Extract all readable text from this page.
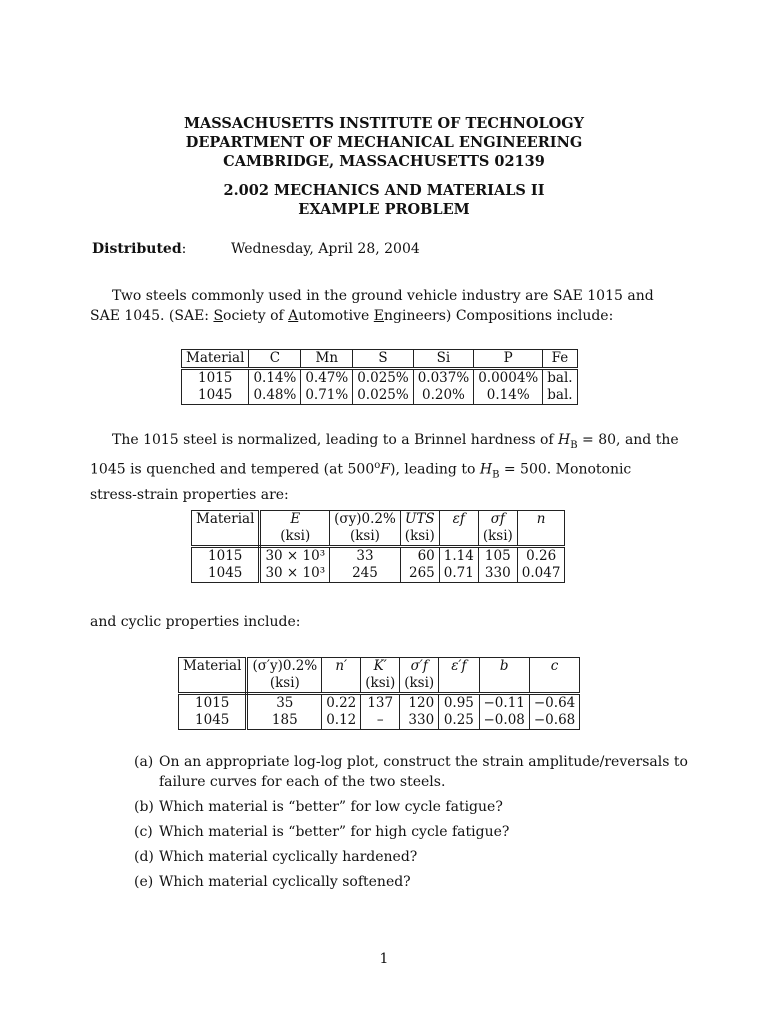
MASSACHUSETTS INSTITUTE OF TECHNOLOGY
DEPARTMENT OF MECHANICAL ENGINEERING
CAMBRIDGE, MASSACHUSETTS 02139
2.002 MECHANICS AND MATERIALS II
EXAMPLE PROBLEM
Distributed:	Wednesday, April 28, 2004
Two steels commonly used in the ground vehicle industry are SAE 1015 and SAE 1045. (SAE: Society of Automotive Engineers) Compositions include:
Material	C	Mn	S	Si	P	Fe
1015	0.14%	0.47%	0.025%	0.037%	0.0004%	bal.
1045	0.48%	0.71%	0.025%	0.20%	0.14%	bal.
The 1015 steel is normalized, leading to a Brinnel hardness of $H_B = 80$, and the 1045 is quenched and tempered (at 500$^o$F), leading to $H_B = 500$. Monotonic stress-strain properties are:
Material	E	(σy)0.2%	UTS	εf	σf	n
	(ksi)	(ksi)	(ksi)		(ksi)	
1015	30 × 10³	33	60	1.14	105	0.26
1045	30 × 10³	245	265	0.71	330	0.047
and cyclic properties include:
Material	(σ′y)0.2%	n′	K′	σ′f	ε′f	b	c
	(ksi)		(ksi)	(ksi)			
1015	35	0.22	137	120	0.95	−0.11	−0.64
1045	185	0.12	–	330	0.25	−0.08	−0.68
(a) On an appropriate log-log plot, construct the strain amplitude/reversals to failure curves for each of the two steels.
(b) Which material is “better” for low cycle fatigue?
(c) Which material is “better” for high cycle fatigue?
(d) Which material cyclically hardened?
(e) Which material cyclically softened?
1
